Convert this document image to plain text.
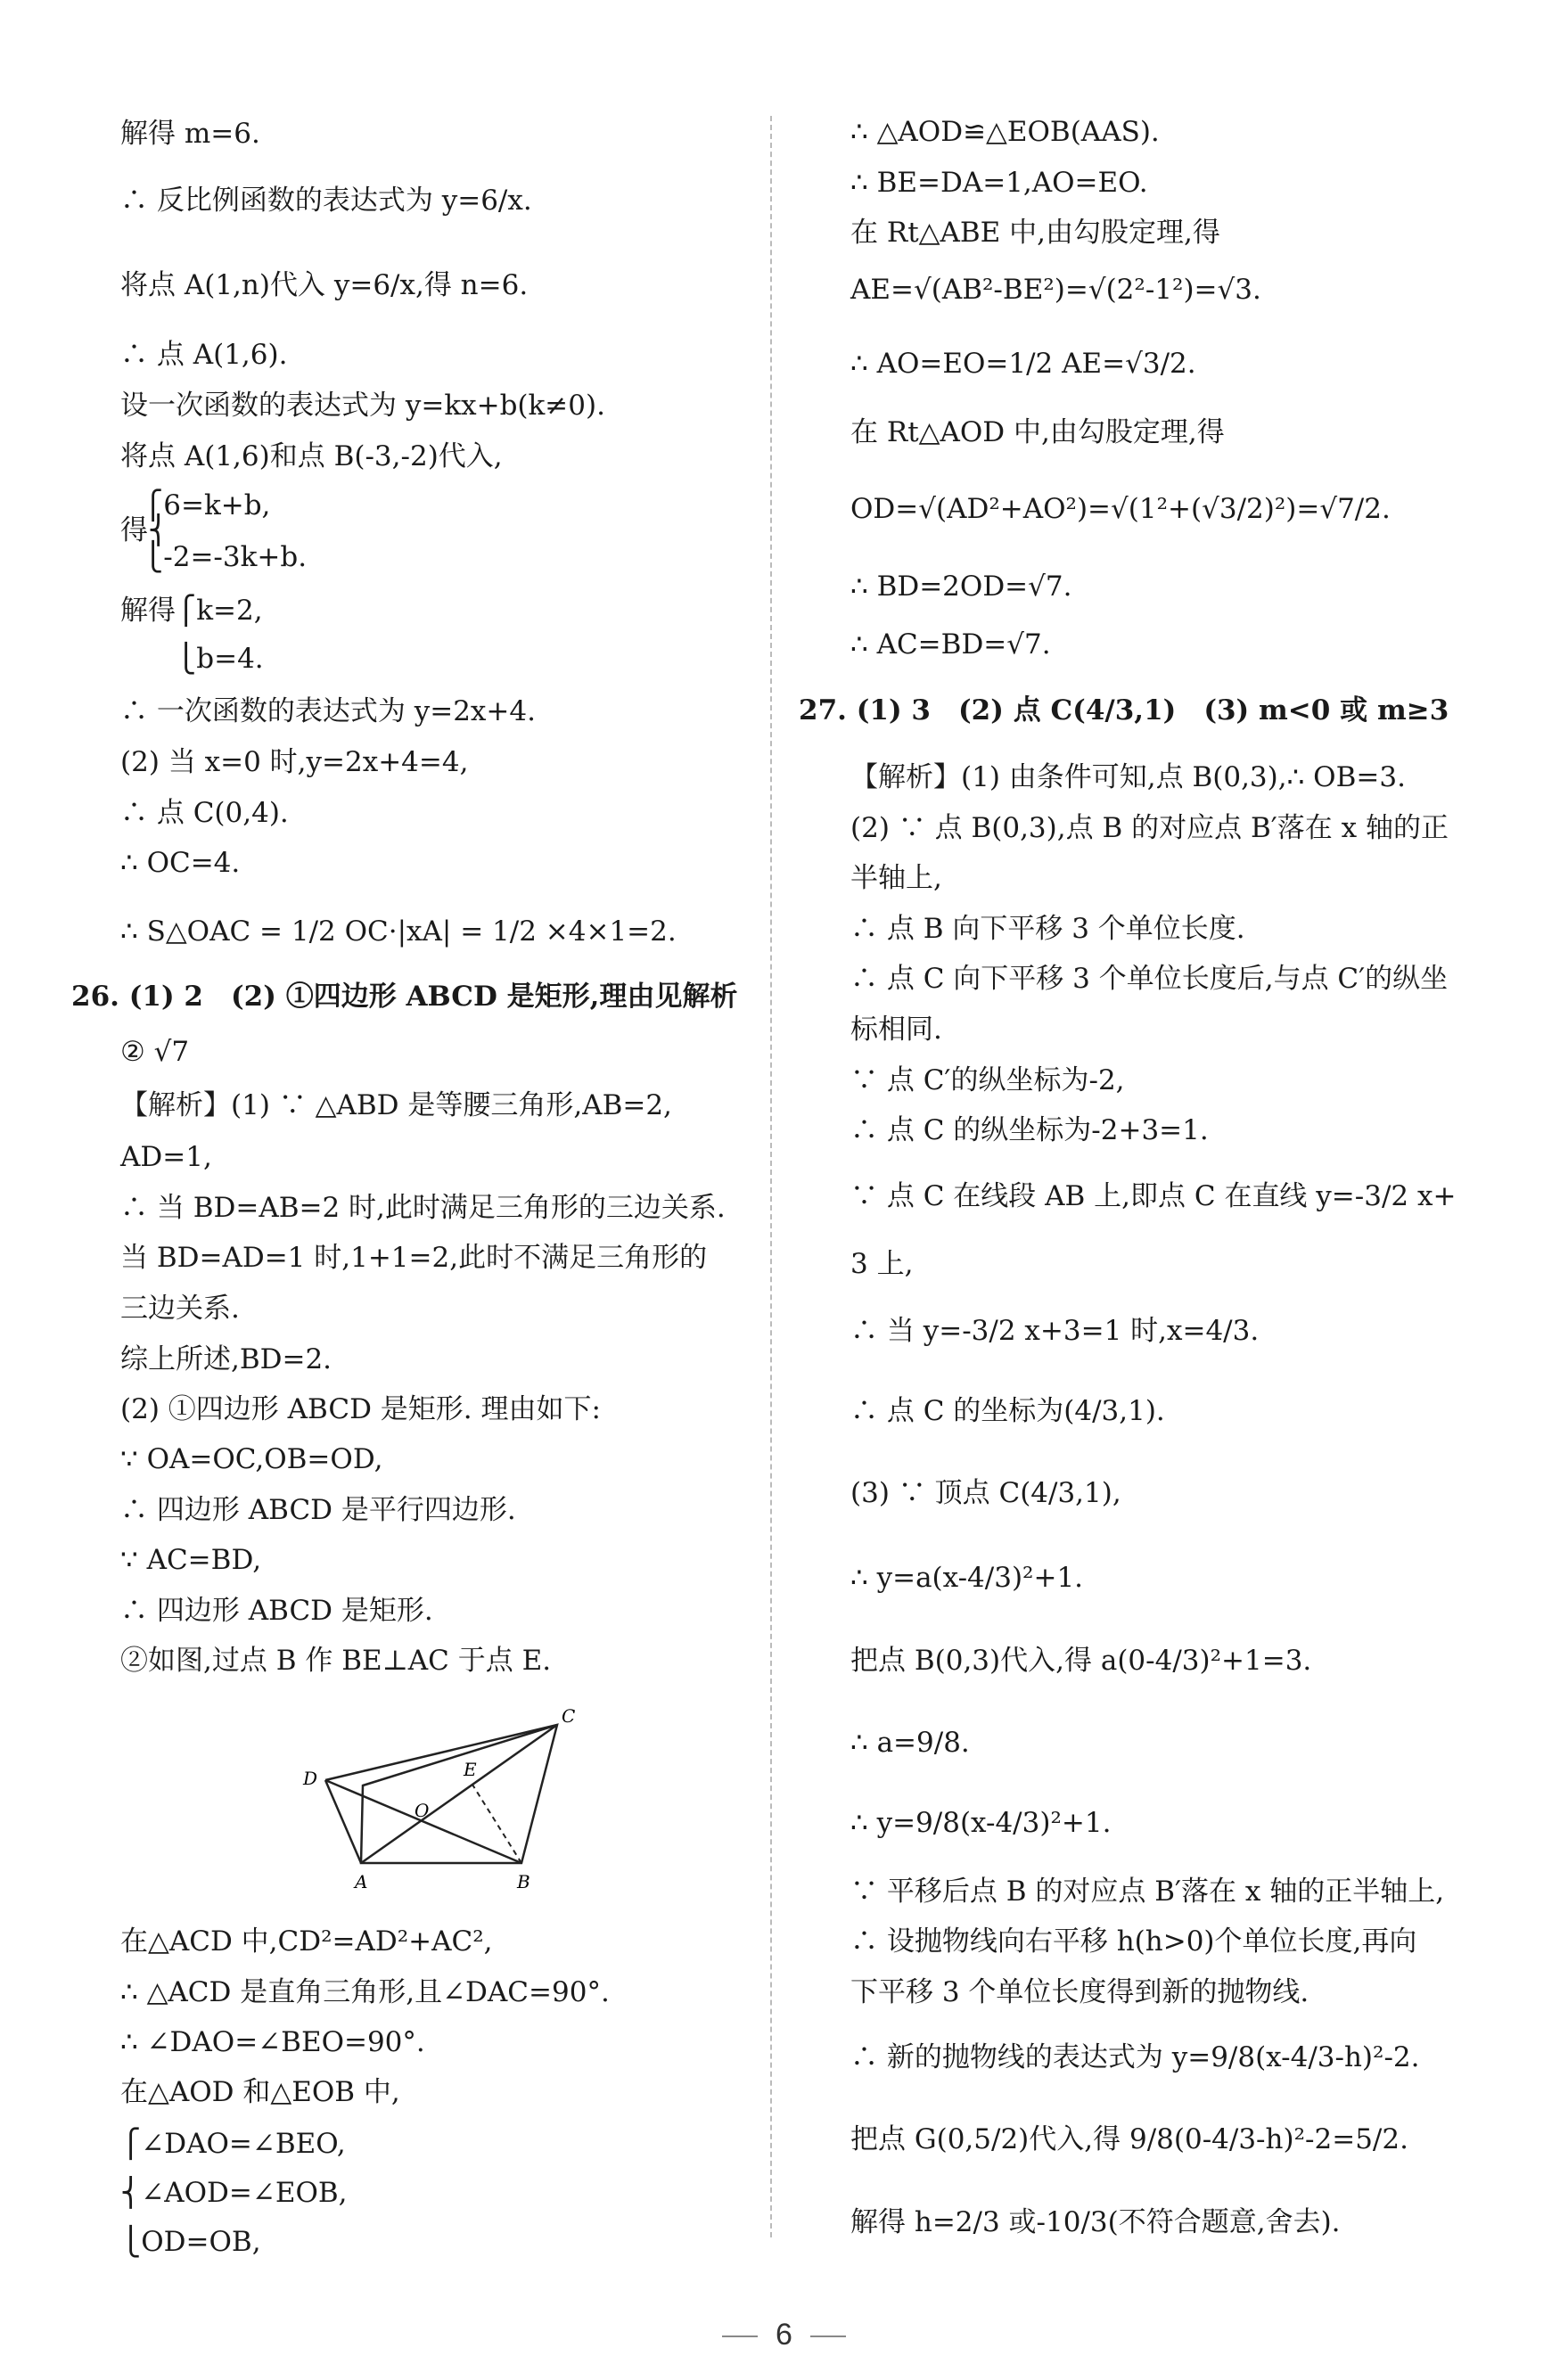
解得 m=6.
∴ 反比例函数的表达式为 y=6/x.
将点 A(1,n)代入 y=6/x,得 n=6.
∴ 点 A(1,6).
设一次函数的表达式为 y=kx+b(k≠0).
将点 A(1,6)和点 B(-3,-2)代入,
⎧6=k+b,
得⎨
⎩-2=-3k+b.
解得⎧k=2,
　　⎩b=4.
∴ 一次函数的表达式为 y=2x+4.
(2) 当 x=0 时,y=2x+4=4,
∴ 点 C(0,4).
∴ OC=4.
∴ S△OAC = 1/2 OC·|xA| = 1/2 ×4×1=2.
26. (1) 2　(2) ①四边形 ABCD 是矩形,理由见解析
② √7
【解析】(1) ∵ △ABD 是等腰三角形,AB=2,
AD=1,
∴ 当 BD=AB=2 时,此时满足三角形的三边关系.
当 BD=AD=1 时,1+1=2,此时不满足三角形的
三边关系.
综上所述,BD=2.
(2) ①四边形 ABCD 是矩形. 理由如下:
∵ OA=OC,OB=OD,
∴ 四边形 ABCD 是平行四边形.
∵ AC=BD,
∴ 四边形 ABCD 是矩形.
②如图,过点 B 作 BE⊥AC 于点 E.
C
D	E
O
A	B
在△ACD 中,CD²=AD²+AC²,
∴ △ACD 是直角三角形,且∠DAC=90°.
∴ ∠DAO=∠BEO=90°.
在△AOD 和△EOB 中,
⎧∠DAO=∠BEO,
⎨∠AOD=∠EOB,
⎩OD=OB,
∴ △AOD≌△EOB(AAS).
∴ BE=DA=1,AO=EO.
在 Rt△ABE 中,由勾股定理,得
AE=√(AB²-BE²)=√(2²-1²)=√3.
∴ AO=EO=1/2 AE=√3/2.
在 Rt△AOD 中,由勾股定理,得
OD=√(AD²+AO²)=√(1²+(√3/2)²)=√7/2.
∴ BD=2OD=√7.
∴ AC=BD=√7.
27. (1) 3　(2) 点 C(4/3,1)　(3) m<0 或 m≥3
【解析】(1) 由条件可知,点 B(0,3),∴ OB=3.
(2) ∵ 点 B(0,3),点 B 的对应点 B′落在 x 轴的正
半轴上,
∴ 点 B 向下平移 3 个单位长度.
∴ 点 C 向下平移 3 个单位长度后,与点 C′的纵坐
标相同.
∵ 点 C′的纵坐标为-2,
∴ 点 C 的纵坐标为-2+3=1.
∵ 点 C 在线段 AB 上,即点 C 在直线 y=-3/2 x+
3 上,
∴ 当 y=-3/2 x+3=1 时,x=4/3.
∴ 点 C 的坐标为(4/3,1).
(3) ∵ 顶点 C(4/3,1),
∴ y=a(x-4/3)²+1.
把点 B(0,3)代入,得 a(0-4/3)²+1=3.
∴ a=9/8.
∴ y=9/8(x-4/3)²+1.
∵ 平移后点 B 的对应点 B′落在 x 轴的正半轴上,
∴ 设抛物线向右平移 h(h>0)个单位长度,再向
下平移 3 个单位长度得到新的抛物线.
∴ 新的抛物线的表达式为 y=9/8(x-4/3-h)²-2.
把点 G(0,5/2)代入,得 9/8(0-4/3-h)²-2=5/2.
解得 h=2/3 或-10/3(不符合题意,舍去).
6
